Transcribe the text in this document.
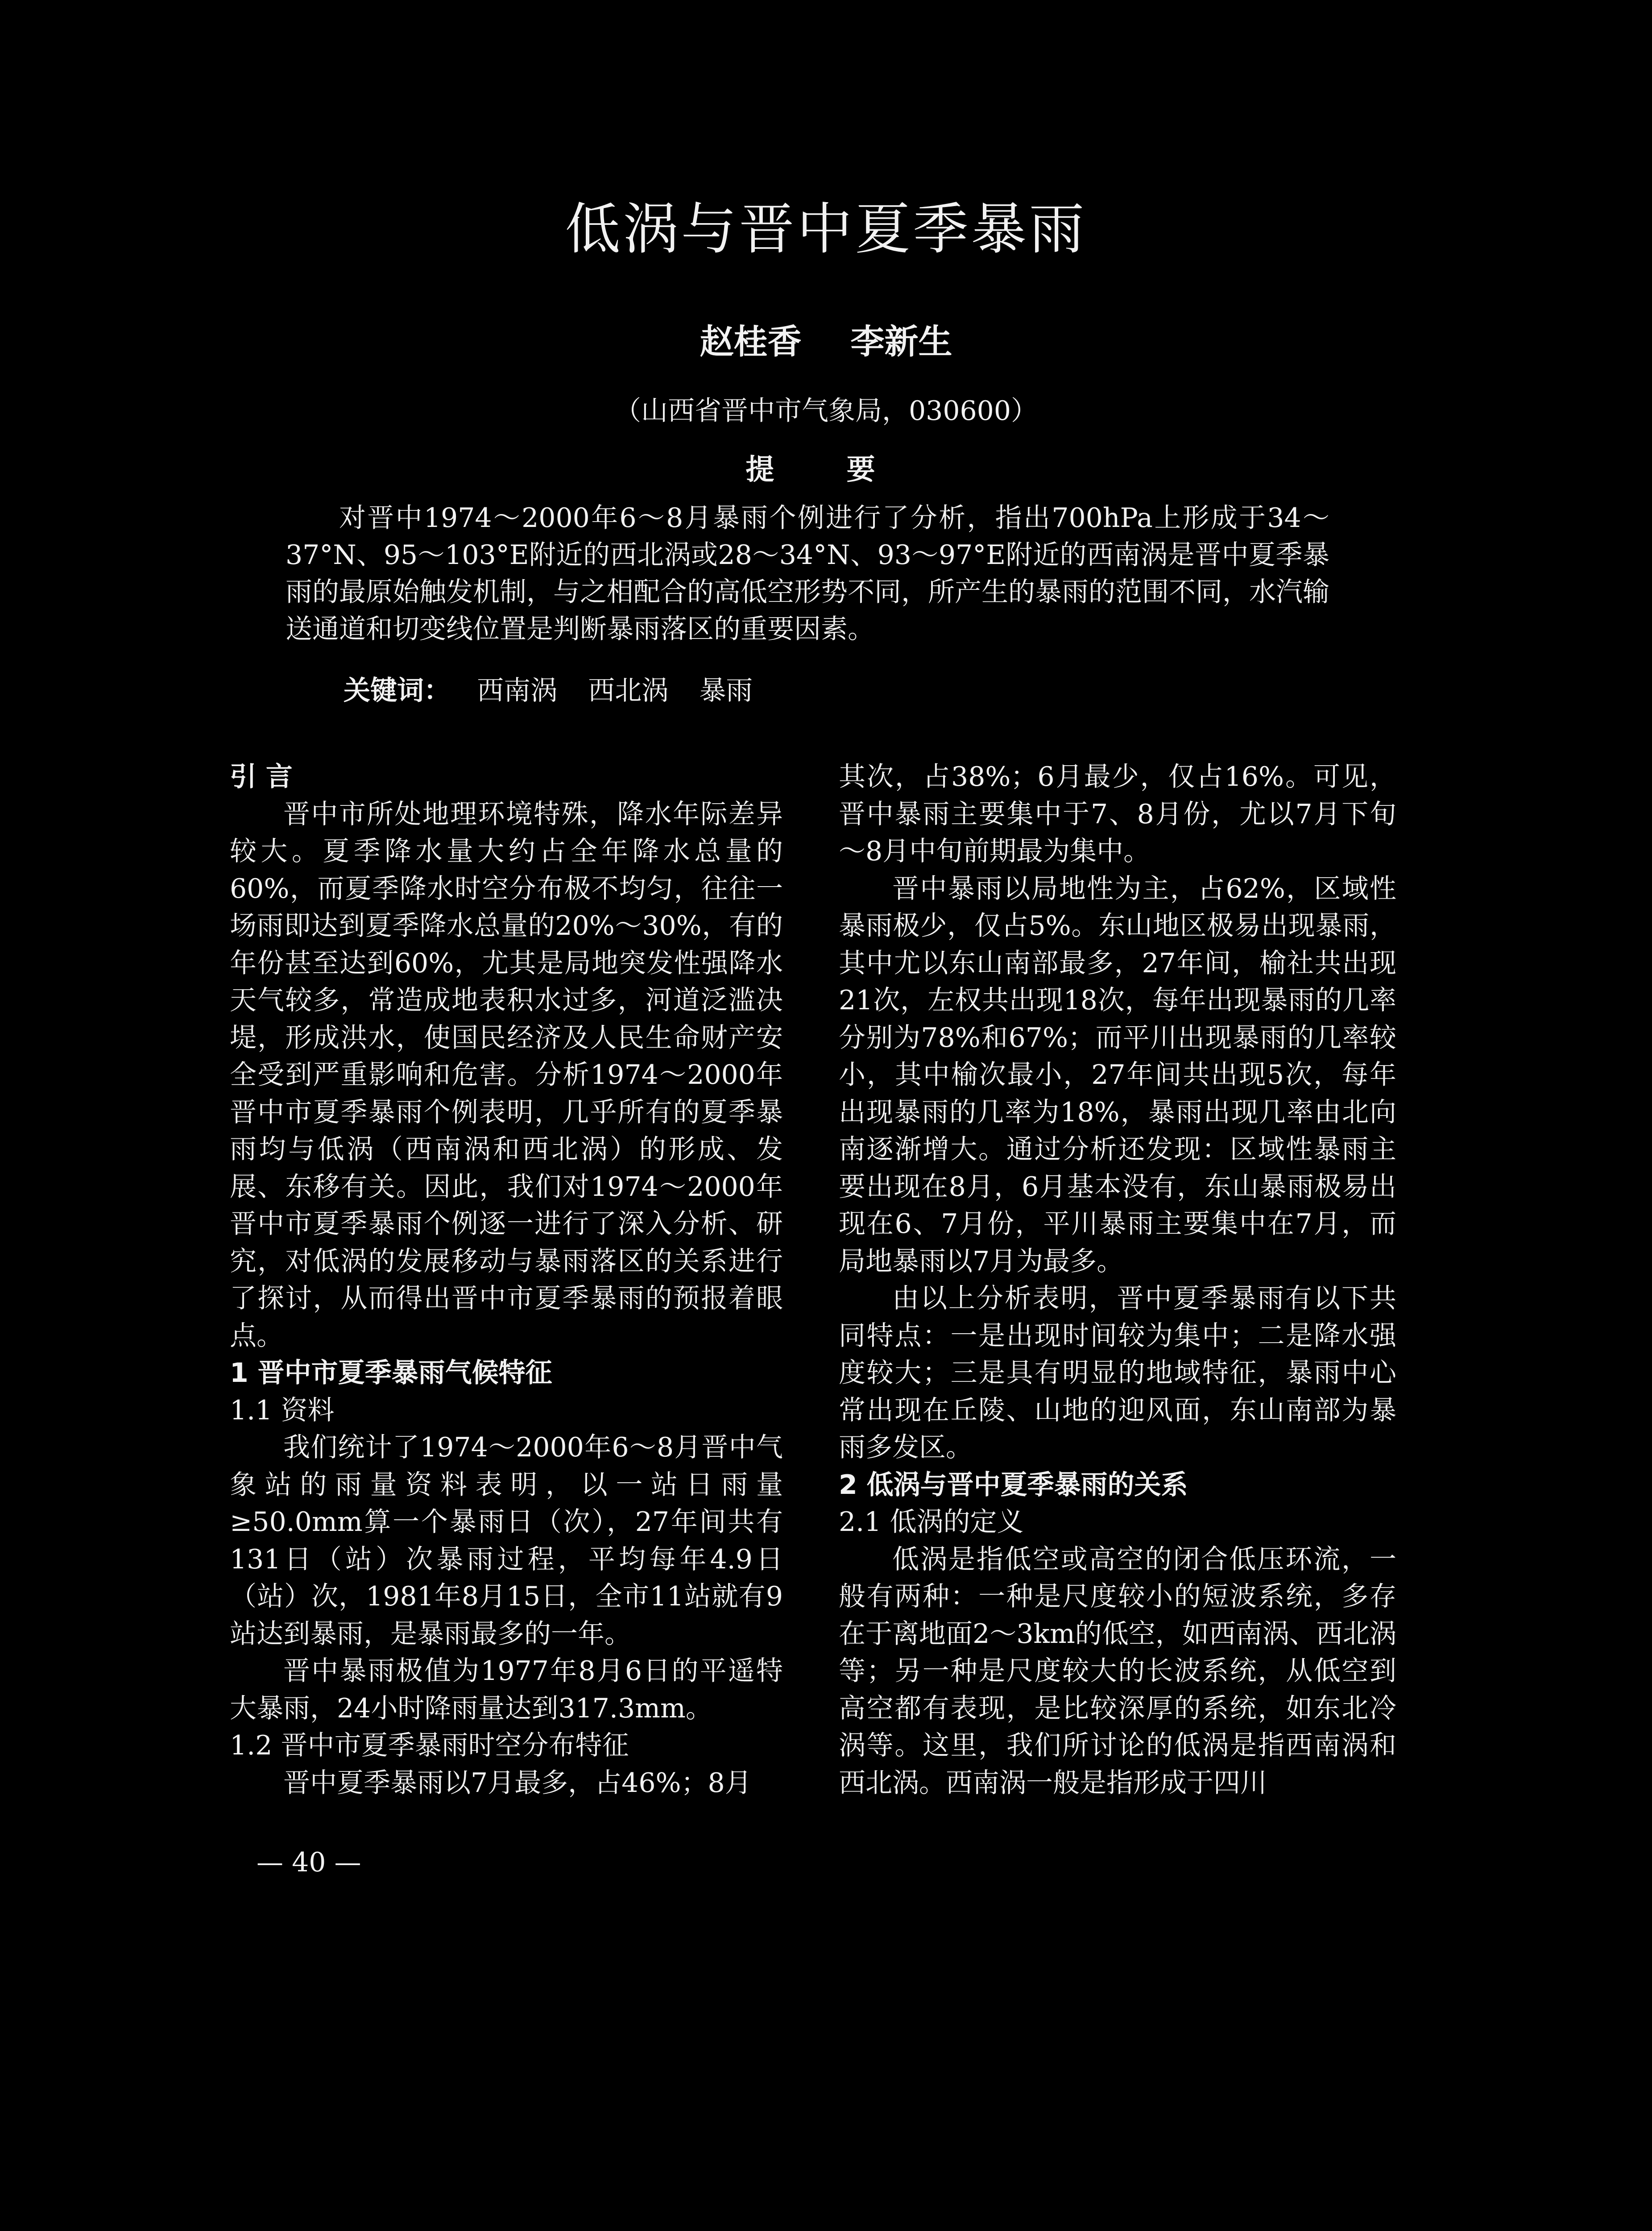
低涡与晋中夏季暴雨
赵桂香 李新生
（山西省晋中市气象局，030600）
提 要

对晋中1974～2000年6～8月暴雨个例进行了分析，指出700hPa上形成于34～37°N、95～103°E附近的西北涡或28～34°N、93～97°E附近的西南涡是晋中夏季暴雨的最原始触发机制，与之相配合的高低空形势不同，所产生的暴雨的范围不同，水汽输送通道和切变线位置是判断暴雨落区的重要因素。

关键词： 西南涡 西北涡 暴雨

引 言

晋中市所处地理环境特殊，降水年际差异较大。夏季降水量大约占全年降水总量的60%，而夏季降水时空分布极不均匀，往往一场雨即达到夏季降水总量的20%～30%，有的年份甚至达到60%，尤其是局地突发性强降水天气较多，常造成地表积水过多，河道泛滥决堤，形成洪水，使国民经济及人民生命财产安全受到严重影响和危害。分析1974～2000年晋中市夏季暴雨个例表明，几乎所有的夏季暴雨均与低涡（西南涡和西北涡）的形成、发展、东移有关。因此，我们对1974～2000年晋中市夏季暴雨个例逐一进行了深入分析、研究，对低涡的发展移动与暴雨落区的关系进行了探讨，从而得出晋中市夏季暴雨的预报着眼点。

1 晋中市夏季暴雨气候特征

1.1 资料

我们统计了1974～2000年6～8月晋中气象站的雨量资料表明，以一站日雨量≥50.0mm算一个暴雨日（次），27年间共有131日（站）次暴雨过程，平均每年4.9日（站）次，1981年8月15日，全市11站就有9站达到暴雨，是暴雨最多的一年。

晋中暴雨极值为1977年8月6日的平遥特大暴雨，24小时降雨量达到317.3mm。

1.2 晋中市夏季暴雨时空分布特征

晋中夏季暴雨以7月最多，占46%；8月

其次，占38%；6月最少，仅占16%。可见，晋中暴雨主要集中于7、8月份，尤以7月下旬～8月中旬前期最为集中。

晋中暴雨以局地性为主，占62%，区域性暴雨极少，仅占5%。东山地区极易出现暴雨，其中尤以东山南部最多，27年间，榆社共出现21次，左权共出现18次，每年出现暴雨的几率分别为78%和67%；而平川出现暴雨的几率较小，其中榆次最小，27年间共出现5次，每年出现暴雨的几率为18%，暴雨出现几率由北向南逐渐增大。通过分析还发现：区域性暴雨主要出现在8月，6月基本没有，东山暴雨极易出现在6、7月份，平川暴雨主要集中在7月，而局地暴雨以7月为最多。

由以上分析表明，晋中夏季暴雨有以下共同特点：一是出现时间较为集中；二是降水强度较大；三是具有明显的地域特征，暴雨中心常出现在丘陵、山地的迎风面，东山南部为暴雨多发区。

2 低涡与晋中夏季暴雨的关系

2.1 低涡的定义

低涡是指低空或高空的闭合低压环流，一般有两种：一种是尺度较小的短波系统，多存在于离地面2～3km的低空，如西南涡、西北涡等；另一种是尺度较大的长波系统，从低空到高空都有表现，是比较深厚的系统，如东北冷涡等。这里，我们所讨论的低涡是指西南涡和西北涡。西南涡一般是指形成于四川

— 40 —
